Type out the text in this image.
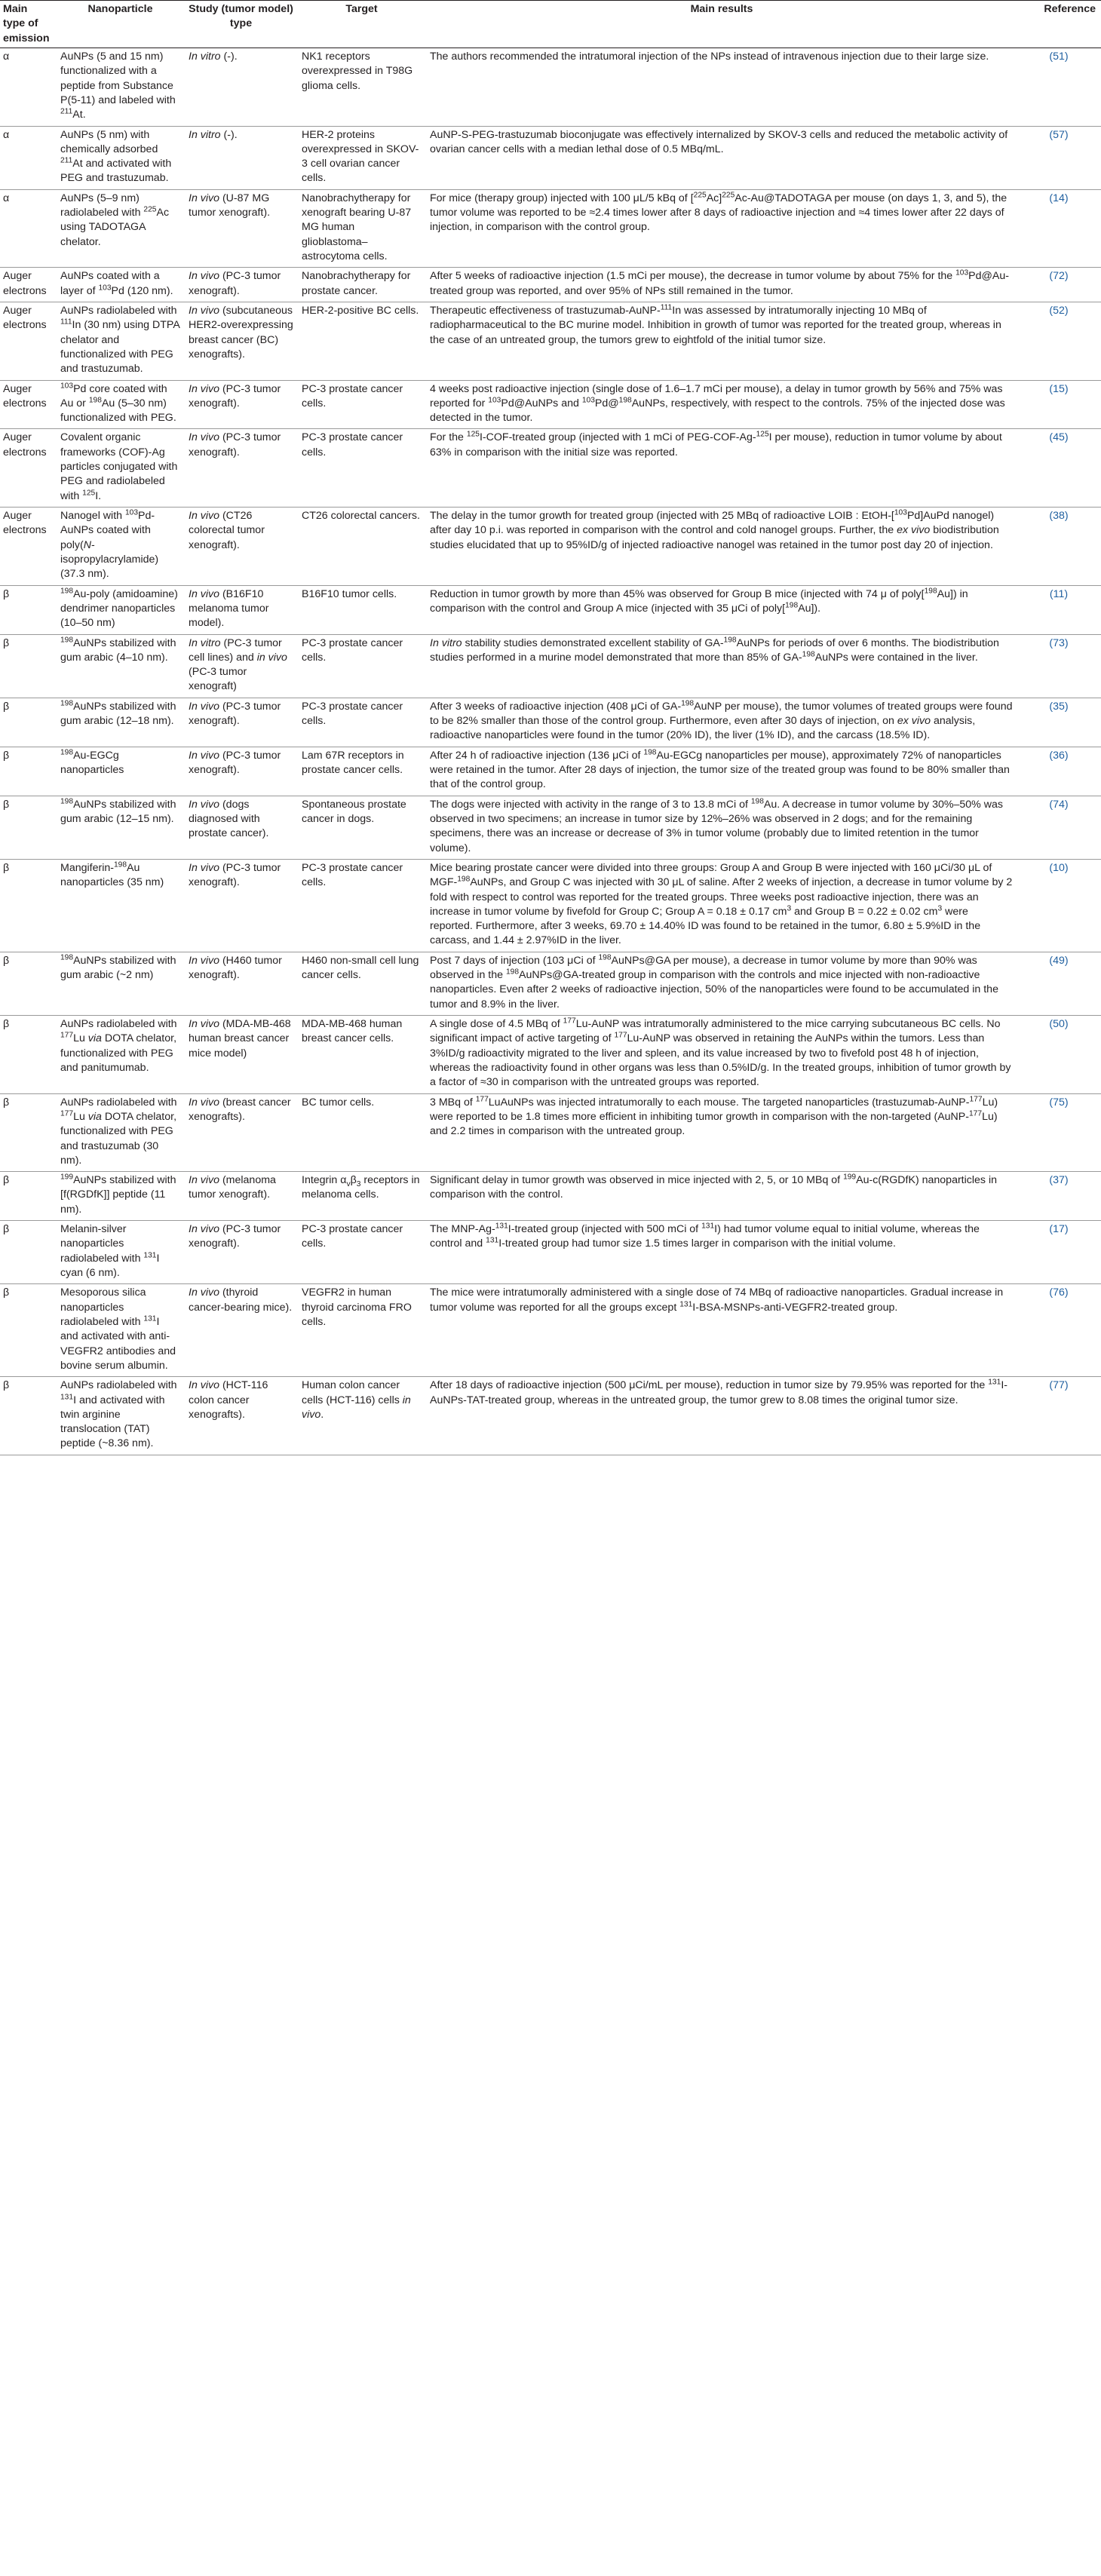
Main type of emission	Nanoparticle	Study (tumor model) type	Target	Main results	Reference
α	AuNPs (5 and 15 nm) functionalized with a peptide from Substance P(5-11) and labeled with $^{211}$At.	In vitro (-).	NK1 receptors overexpressed in T98G glioma cells.	The authors recommended the intratumoral injection of the NPs instead of intravenous injection due to their large size.	(51)
α	AuNPs (5 nm) with chemically adsorbed $^{211}$At and activated with PEG and trastuzumab.	In vitro (-).	HER-2 proteins overexpressed in SKOV-3 cell ovarian cancer cells.	AuNP-S-PEG-trastuzumab bioconjugate was effectively internalized by SKOV-3 cells and reduced the metabolic activity of ovarian cancer cells with a median lethal dose of 0.5 MBq/mL.	(57)
α	AuNPs (5–9 nm) radiolabeled with $^{225}$Ac using TADOTAGA chelator.	In vivo (U-87 MG tumor xenograft).	Nanobrachytherapy for xenograft bearing U-87 MG human glioblastoma–astrocytoma cells.	For mice (therapy group) injected with 100 μL/5 kBq of $[^{225}Ac]^{225}Ac-Au@TADOTAGA$ per mouse (on days 1, 3, and 5), the tumor volume was reported to be ≈2.4 times lower after 8 days of radioactive injection and ≈4 times lower after 22 days of injection, in comparison with the control group.	(14)
Auger electrons	AuNPs coated with a layer of $^{103}$Pd (120 nm).	In vivo (PC-3 tumor xenograft).	Nanobrachytherapy for prostate cancer.	After 5 weeks of radioactive injection (1.5 mCi per mouse), the decrease in tumor volume by about 75% for the $^{103}$Pd@Au-treated group was reported, and over 95% of NPs still remained in the tumor.	(72)
Auger electrons	AuNPs radiolabeled with $^{111}$In (30 nm) using DTPA chelator and functionalized with PEG and trastuzumab.	In vivo (subcutaneous HER2-overexpressing breast cancer (BC) xenografts).	HER-2-positive BC cells.	Therapeutic effectiveness of trastuzumab-AuNP-$^{111}$In was assessed by intratumorally injecting 10 MBq of radiopharmaceutical to the BC murine model. Inhibition in growth of tumor was reported for the treated group, whereas in the case of an untreated group, the tumors grew to eightfold of the initial tumor size.	(52)
Auger electrons	$^{103}$Pd core coated with Au or $^{198}$Au (5–30 nm) functionalized with PEG.	In vivo (PC-3 tumor xenograft).	PC-3 prostate cancer cells.	4 weeks post radioactive injection (single dose of 1.6–1.7 mCi per mouse), a delay in tumor growth by 56% and 75% was reported for $^{103}$Pd@AuNPs and $^{103}$Pd@$^{198}$AuNPs, respectively, with respect to the controls. 75% of the injected dose was detected in the tumor.	(15)
Auger electrons	Covalent organic frameworks (COF)-Ag particles conjugated with PEG and radiolabeled with $^{125}$I.	In vivo (PC-3 tumor xenograft).	PC-3 prostate cancer cells.	For the $^{125}$I-COF-treated group (injected with 1 mCi of PEG-COF-Ag-$^{125}$I per mouse), reduction in tumor volume by about 63% in comparison with the initial size was reported.	(45)
Auger electrons	Nanogel with $^{103}$Pd-AuNPs coated with poly(N-isopropylacrylamide) (37.3 nm).	In vivo (CT26 colorectal tumor xenograft).	CT26 colorectal cancers.	The delay in the tumor growth for treated group (injected with 25 MBq of radioactive LOIB : EtOH-[$^{103}$Pd]AuPd nanogel) after day 10 p.i. was reported in comparison with the control and cold nanogel groups. Further, the ex vivo biodistribution studies elucidated that up to 95%ID/g of injected radioactive nanogel was retained in the tumor post day 20 of injection.	(38)
β	$^{198}$Au-poly (amidoamine) dendrimer nanoparticles (10–50 nm)	In vivo (B16F10 melanoma tumor model).	B16F10 tumor cells.	Reduction in tumor growth by more than 45% was observed for Group B mice (injected with 74 μ of poly[$^{198}$Au]) in comparison with the control and Group A mice (injected with 35 μCi of poly[$^{198}$Au]).	(11)
β	$^{198}$AuNPs stabilized with gum arabic (4–10 nm).	In vitro (PC-3 tumor cell lines) and in vivo (PC-3 tumor xenograft)	PC-3 prostate cancer cells.	In vitro stability studies demonstrated excellent stability of GA-$^{198}$AuNPs for periods of over 6 months. The biodistribution studies performed in a murine model demonstrated that more than 85% of GA-$^{198}$AuNPs were contained in the liver.	(73)
β	$^{198}$AuNPs stabilized with gum arabic (12–18 nm).	In vivo (PC-3 tumor xenograft).	PC-3 prostate cancer cells.	After 3 weeks of radioactive injection (408 μCi of GA-$^{198}$AuNP per mouse), the tumor volumes of treated groups were found to be 82% smaller than those of the control group. Furthermore, even after 30 days of injection, on ex vivo analysis, radioactive nanoparticles were found in the tumor (20% ID), the liver (1% ID), and the carcass (18.5% ID).	(35)
β	$^{198}$Au-EGCg nanoparticles	In vivo (PC-3 tumor xenograft).	Lam 67R receptors in prostate cancer cells.	After 24 h of radioactive injection (136 μCi of $^{198}$Au-EGCg nanoparticles per mouse), approximately 72% of nanoparticles were retained in the tumor. After 28 days of injection, the tumor size of the treated group was found to be 80% smaller than that of the control group.	(36)
β	$^{198}$AuNPs stabilized with gum arabic (12–15 nm).	In vivo (dogs diagnosed with prostate cancer).	Spontaneous prostate cancer in dogs.	The dogs were injected with activity in the range of 3 to 13.8 mCi of $^{198}$Au. A decrease in tumor volume by 30%–50% was observed in two specimens; an increase in tumor size by 12%–26% was observed in 2 dogs; and for the remaining specimens, there was an increase or decrease of 3% in tumor volume (probably due to limited retention in the tumor volume).	(74)
β	Mangiferin-$^{198}$Au nanoparticles (35 nm)	In vivo (PC-3 tumor xenograft).	PC-3 prostate cancer cells.	Mice bearing prostate cancer were divided into three groups: Group A and Group B were injected with 160 μCi/30 μL of MGF-$^{198}$AuNPs, and Group C was injected with 30 μL of saline. After 2 weeks of injection, a decrease in tumor volume by 2 fold with respect to control was reported for the treated groups. Three weeks post radioactive injection, there was an increase in tumor volume by fivefold for Group C; Group A = 0.18 ± 0.17 $cm^3$ and Group B = 0.22 ± 0.02 $cm^3$ were reported. Furthermore, after 3 weeks, 69.70 ± 14.40% ID was found to be retained in the tumor, 6.80 ± 5.9%ID in the carcass, and 1.44 ± 2.97%ID in the liver.	(10)
β	$^{198}$AuNPs stabilized with gum arabic (~2 nm)	In vivo (H460 tumor xenograft).	H460 non-small cell lung cancer cells.	Post 7 days of injection (103 μCi of $^{198}$AuNPs@GA per mouse), a decrease in tumor volume by more than 90% was observed in the $^{198}$AuNPs@GA-treated group in comparison with the controls and mice injected with non-radioactive nanoparticles. Even after 2 weeks of radioactive injection, 50% of the nanoparticles were found to be accumulated in the tumor and 8.9% in the liver.	(49)
β	AuNPs radiolabeled with $^{177}$Lu via DOTA chelator, functionalized with PEG and panitumumab.	In vivo (MDA-MB-468 human breast cancer mice model)	MDA-MB-468 human breast cancer cells.	A single dose of 4.5 MBq of $^{177}$Lu-AuNP was intratumorally administered to the mice carrying subcutaneous BC cells. No significant impact of active targeting of $^{177}$Lu-AuNP was observed in retaining the AuNPs within the tumors. Less than 3%ID/g radioactivity migrated to the liver and spleen, and its value increased by two to fivefold post 48 h of injection, whereas the radioactivity found in other organs was less than 0.5%ID/g. In the treated groups, inhibition of tumor growth by a factor of ≈30 in comparison with the untreated groups was reported.	(50)
β	AuNPs radiolabeled with $^{177}$Lu via DOTA chelator, functionalized with PEG and trastuzumab (30 nm).	In vivo (breast cancer xenografts).	BC tumor cells.	3 MBq of $^{177}$LuAuNPs was injected intratumorally to each mouse. The targeted nanoparticles (trastuzumab-AuNP-$^{177}$Lu) were reported to be 1.8 times more efficient in inhibiting tumor growth in comparison with the non-targeted (AuNP-$^{177}$Lu) and 2.2 times in comparison with the untreated group.	(75)
β	$^{199}$AuNPs stabilized with [f(RGDfK]] peptide (11 nm).	In vivo (melanoma tumor xenograft).	Integrin $\alpha_v\beta_3$ receptors in melanoma cells.	Significant delay in tumor growth was observed in mice injected with 2, 5, or 10 MBq of $^{199}$Au-c(RGDfK) nanoparticles in comparison with the control.	(37)
β	Melanin-silver nanoparticles radiolabeled with $^{131}$I cyan (6 nm).	In vivo (PC-3 tumor xenograft).	PC-3 prostate cancer cells.	The MNP-Ag-$^{131}$I-treated group (injected with 500 mCi of $^{131}$I) had tumor volume equal to initial volume, whereas the control and $^{131}$I-treated group had tumor size 1.5 times larger in comparison with the initial volume.	(17)
β	Mesoporous silica nanoparticles radiolabeled with $^{131}$I and activated with anti-VEGFR2 antibodies and bovine serum albumin.	In vivo (thyroid cancer-bearing mice).	VEGFR2 in human thyroid carcinoma FRO cells.	The mice were intratumorally administered with a single dose of 74 MBq of radioactive nanoparticles. Gradual increase in tumor volume was reported for all the groups except $^{131}$I-BSA-MSNPs-anti-VEGFR2-treated group.	(76)
β	AuNPs radiolabeled with $^{131}$I and activated with twin arginine translocation (TAT) peptide (~8.36 nm).	In vivo (HCT-116 colon cancer xenografts).	Human colon cancer cells (HCT-116) cells in vivo.	After 18 days of radioactive injection (500 μCi/mL per mouse), reduction in tumor size by 79.95% was reported for the $^{131}$I-AuNPs-TAT-treated group, whereas in the untreated group, the tumor grew to 8.08 times the original tumor size.	(77)
